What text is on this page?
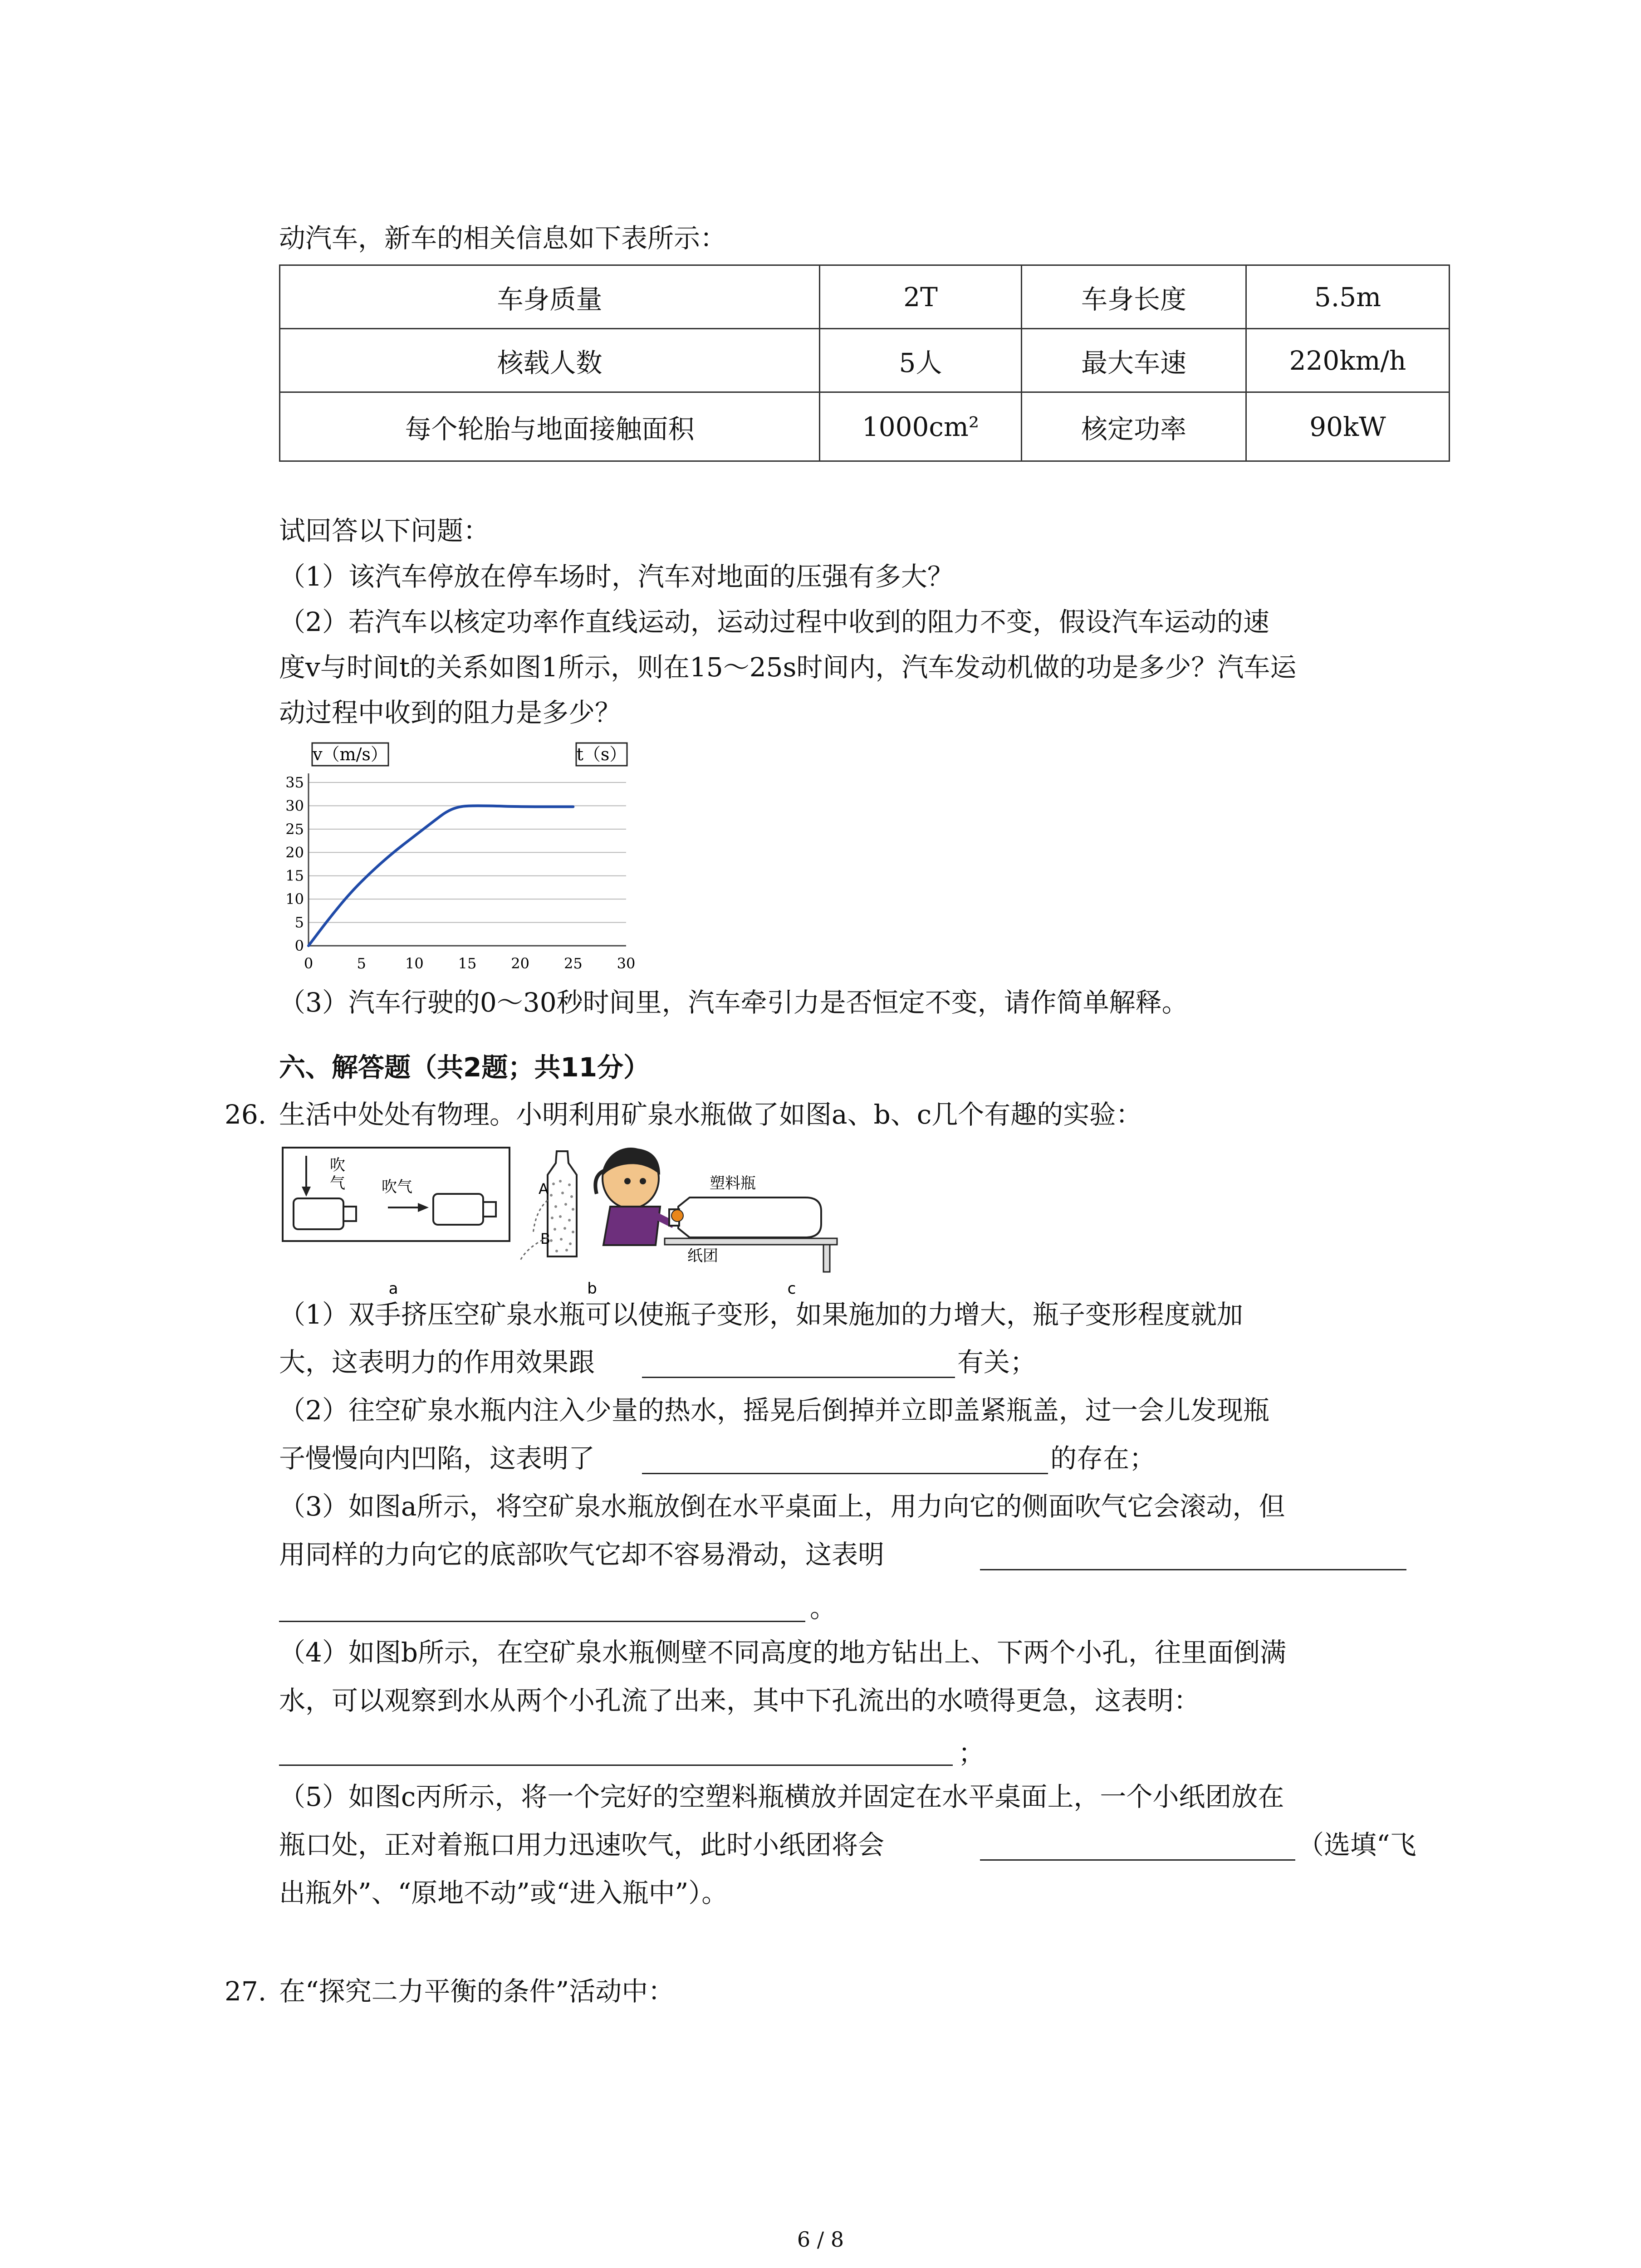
动汽车，新车的相关信息如下表所示：
车身质量	2T	车身长度	5.5m
核载人数	5人	最大车速	220km/h
每个轮胎与地面接触面积	1000cm²	核定功率	90kW
试回答以下问题：
（1）该汽车停放在停车场时，汽车对地面的压强有多大？
（2）若汽车以核定功率作直线运动，运动过程中收到的阻力不变，假设汽车运动的速
度v与时间t的关系如图1所示，则在15～25s时间内，汽车发动机做的功是多少？汽车运
动过程中收到的阻力是多少？
0
5
10
15
20
25
30
35
0	5	10 15 20 25 30
v（m/s）	t（s）
（3）汽车行驶的0～30秒时间里，汽车牵引力是否恒定不变，请作简单解释。
六、解答题（共2题；共11分）
26. 生活中处处有物理。小明利用矿泉水瓶做了如图a、b、c几个有趣的实验：
吹
气 吹气	A
B
塑料瓶
纸团
a	b	c
（1）双手挤压空矿泉水瓶可以使瓶子变形，如果施加的力增大，瓶子变形程度就加
大，这表明力的作用效果跟	有关；
（2）往空矿泉水瓶内注入少量的热水，摇晃后倒掉并立即盖紧瓶盖，过一会儿发现瓶
子慢慢向内凹陷，这表明了	的存在；
（3）如图a所示，将空矿泉水瓶放倒在水平桌面上，用力向它的侧面吹气它会滚动，但
用同样的力向它的底部吹气它却不容易滑动，这表明
。
（4）如图b所示，在空矿泉水瓶侧壁不同高度的地方钻出上、下两个小孔，往里面倒满
水，可以观察到水从两个小孔流了出来，其中下孔流出的水喷得更急，这表明：
；
（5）如图c丙所示，将一个完好的空塑料瓶横放并固定在水平桌面上，一个小纸团放在
瓶口处，正对着瓶口用力迅速吹气，此时小纸团将会	（选填“飞
出瓶外”、“原地不动”或“进入瓶中”）。
27. 在“探究二力平衡的条件”活动中：
6 / 8
